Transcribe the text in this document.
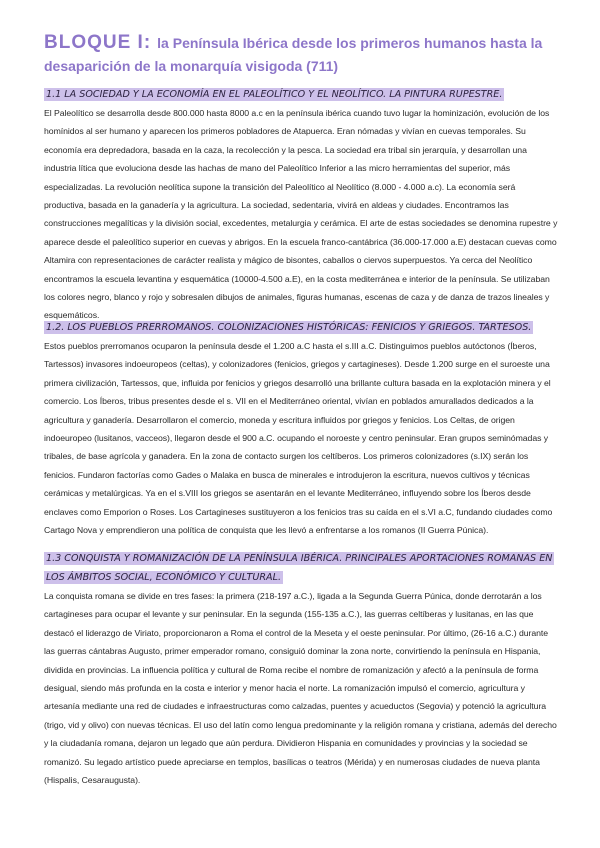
BLOQUE I: la Península Ibérica desde los primeros humanos hasta la desaparición de la monarquía visigoda (711)
1.1 LA SOCIEDAD Y LA ECONOMÍA EN EL PALEOLÍTICO Y EL NEOLÍTICO. LA PINTURA RUPESTRE.
El Paleolítico se desarrolla desde 800.000 hasta 8000 a.c en la península ibérica cuando tuvo lugar la hominización, evolución de los homínidos al ser humano y aparecen los primeros pobladores de Atapuerca. Eran nómadas y vivían en cuevas temporales. Su economía era depredadora, basada en la caza, la recolección y la pesca. La sociedad era tribal sin jerarquía, y desarrollan una industria lítica que evoluciona desde las hachas de mano del Paleolítico Inferior a las micro herramientas del superior, más especializadas. La revolución neolítica supone la transición del Paleolítico al Neolítico (8.000 - 4.000 a.c). La economía será productiva, basada en la ganadería y la agricultura. La sociedad, sedentaria, vivirá en aldeas y ciudades. Encontramos las construcciones megalíticas y la división social, excedentes, metalurgia y cerámica. El arte de estas sociedades se denomina rupestre y aparece desde el paleolítico superior en cuevas y abrigos. En la escuela franco-cantábrica (36.000-17.000 a.E) destacan cuevas como Altamira con representaciones de carácter realista y mágico de bisontes, caballos o ciervos superpuestos. Ya cerca del Neolítico encontramos la escuela levantina y esquemática (10000-4.500 a.E), en la costa mediterránea e interior de la península. Se utilizaban los colores negro, blanco y rojo y sobresalen dibujos de animales, figuras humanas, escenas de caza y de danza de trazos lineales y esquemáticos.
1.2. LOS PUEBLOS PRERROMANOS. COLONIZACIONES HISTÓRICAS: FENICIOS Y GRIEGOS. TARTESOS.
Estos pueblos prerromanos ocuparon la península desde el 1.200 a.C hasta el s.III a.C. Distinguimos pueblos autóctonos (Íberos, Tartessos) invasores indoeuropeos (celtas), y colonizadores (fenicios, griegos y cartagineses). Desde 1.200 surge en el suroeste una primera civilización, Tartessos, que, influida por fenicios y griegos desarrolló una brillante cultura basada en la explotación minera y el comercio. Los Íberos, tribus presentes desde el s. VII en el Mediterráneo oriental, vivían en poblados amurallados dedicados a la agricultura y ganadería. Desarrollaron el comercio, moneda y escritura influidos por griegos y fenicios. Los Celtas, de origen indoeuropeo (lusitanos, vacceos), llegaron desde el 900 a.C. ocupando el noroeste y centro peninsular. Eran grupos seminómadas y tribales, de base agrícola y ganadera. En la zona de contacto surgen los celtíberos. Los primeros colonizadores (s.IX) serán los fenicios. Fundaron factorías como Gades o Malaka en busca de minerales e introdujeron la escritura, nuevos cultivos y técnicas cerámicas y metalúrgicas. Ya en el s.VIII los griegos se asentarán en el levante Mediterráneo, influyendo sobre los Íberos desde enclaves como Emporion o Roses. Los Cartagineses sustituyeron a los fenicios tras su caída en el s.VI a.C, fundando ciudades como Cartago Nova y emprendieron una política de conquista que les llevó a enfrentarse a los romanos (II Guerra Púnica).
1.3 CONQUISTA Y ROMANIZACIÓN DE LA PENÍNSULA IBÉRICA. PRINCIPALES APORTACIONES ROMANAS EN LOS ÁMBITOS SOCIAL, ECONÓMICO Y CULTURAL.
La conquista romana se divide en tres fases: la primera (218-197 a.C.), ligada a la Segunda Guerra Púnica, donde derrotarán a los cartagineses para ocupar el levante y sur peninsular. En la segunda (155-135 a.C.), las guerras celtíberas y lusitanas, en las que destacó el liderazgo de Viriato, proporcionaron a Roma el control de la Meseta y el oeste peninsular. Por último, (26-16 a.C.) durante las guerras cántabras Augusto, primer emperador romano, consiguió dominar la zona norte, convirtiendo la península en Hispania, dividida en provincias. La influencia política y cultural de Roma recibe el nombre de romanización y afectó a la península de forma desigual, siendo más profunda en la costa e interior y menor hacia el norte. La romanización impulsó el comercio, agricultura y artesanía mediante una red de ciudades e infraestructuras como calzadas, puentes y acueductos (Segovia) y potenció la agricultura (trigo, vid y olivo) con nuevas técnicas. El uso del latín como lengua predominante y la religión romana y cristiana, además del derecho y la ciudadanía romana, dejaron un legado que aún perdura. Dividieron Hispania en comunidades y provincias y la sociedad se romanizó. Su legado artístico puede apreciarse en templos, basílicas o teatros (Mérida) y en numerosas ciudades de nueva planta (Hispalis, Cesaraugusta).
